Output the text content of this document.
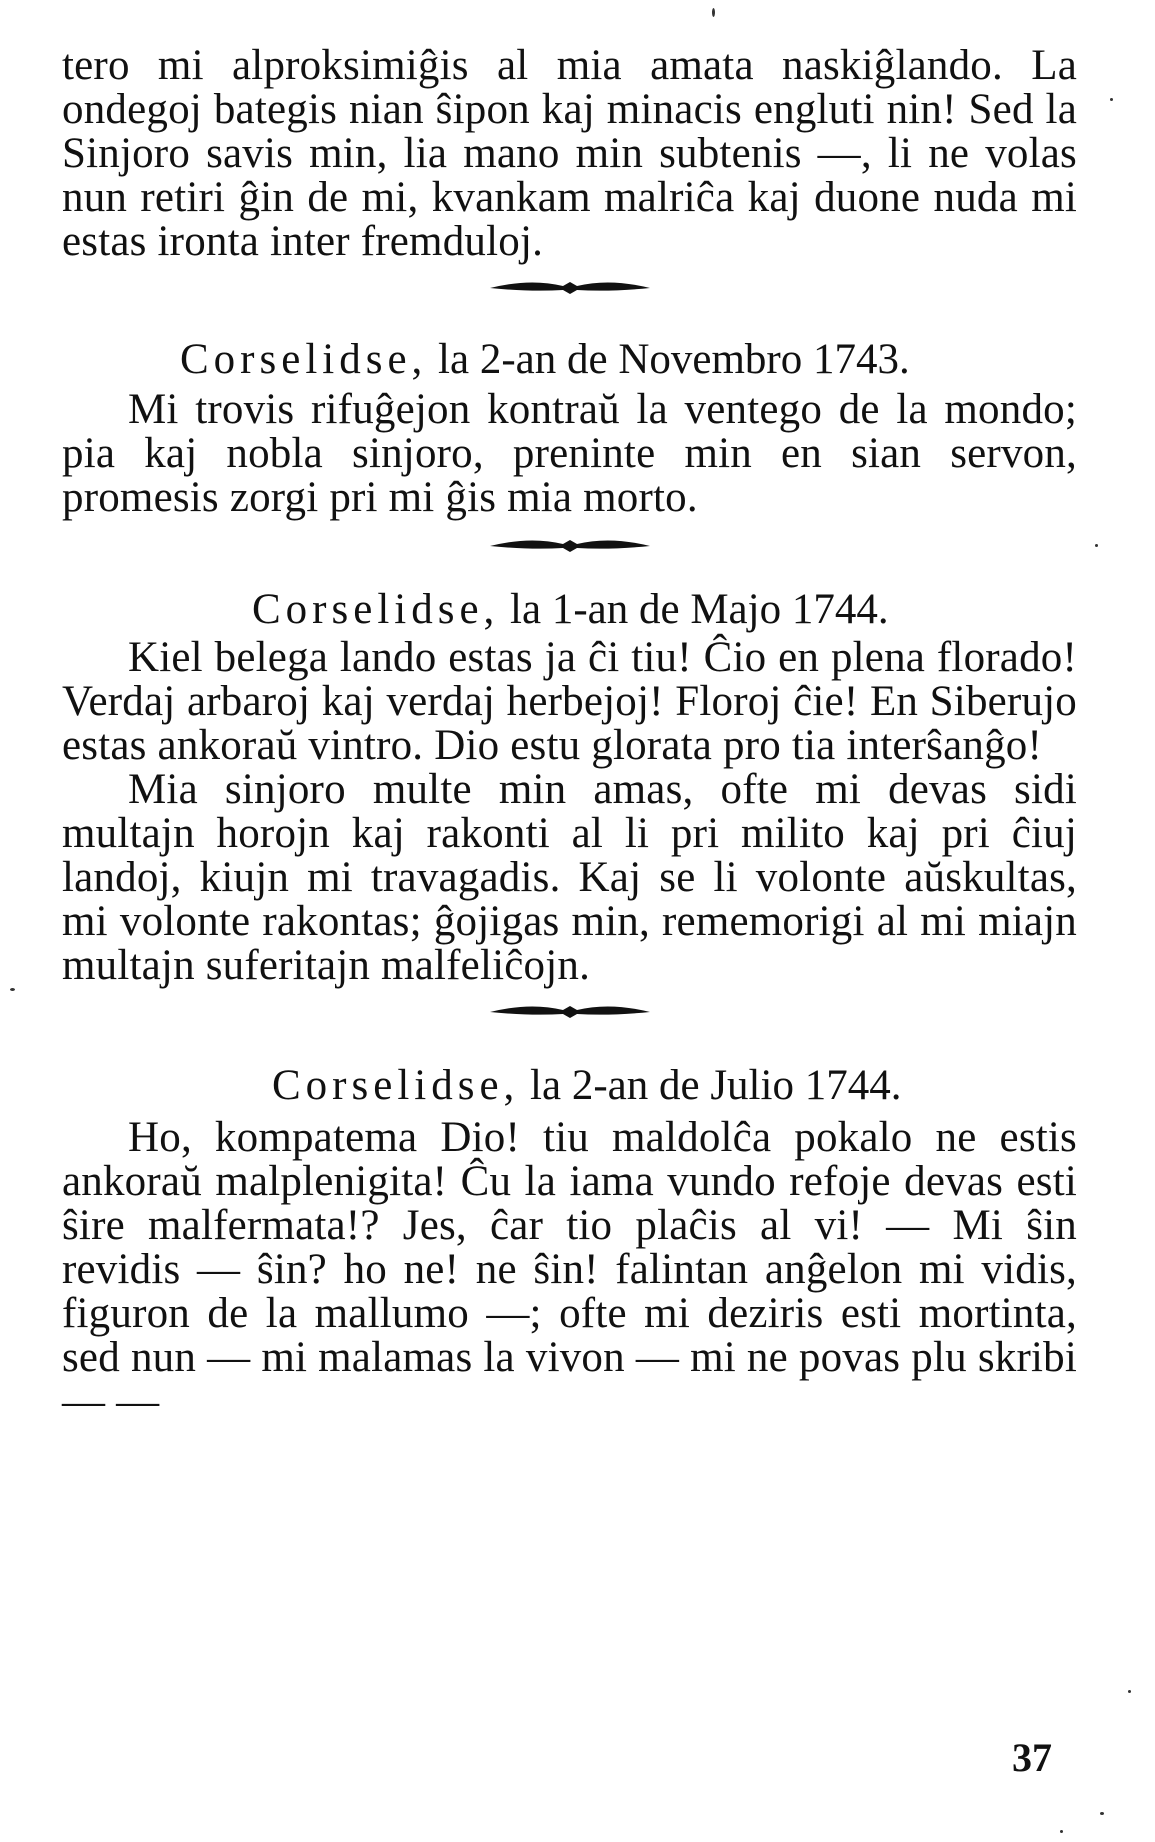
tero mi alproksimiĝis al mia amata naskiĝlando. La ondegoj bategis nian ŝipon kaj minacis engluti nin! Sed la Sinjoro savis min, lia mano min subtenis —, li ne volas nun retiri ĝin de mi, kvankam malriĉa kaj duone nuda mi estas ironta inter fremduloj.

Corselidse, la 2-an de Novembro 1743.

Mi trovis rifuĝejon kontraŭ la ventego de la mondo; pia kaj nobla sinjoro, preninte min en sian servon, promesis zorgi pri mi ĝis mia morto.

Corselidse, la 1-an de Majo 1744.

Kiel belega lando estas ja ĉi tiu! Ĉio en plena florado! Verdaj arbaroj kaj verdaj herbejoj! Floroj ĉie! En Siberujo estas ankoraŭ vintro. Dio estu glorata pro tia interŝanĝo!

Mia sinjoro multe min amas, ofte mi devas sidi multajn horojn kaj rakonti al li pri milito kaj pri ĉiuj landoj, kiujn mi travagadis. Kaj se li volonte aŭskultas, mi volonte rakontas; ĝojigas min, rememorigi al mi miajn multajn suferitajn malfeliĉojn.

Corselidse, la 2-an de Julio 1744.

Ho, kompatema Dio! tiu maldolĉa pokalo ne estis ankoraŭ malplenigita! Ĉu la iama vundo refoje devas esti ŝire malfermata!? Jes, ĉar tio plaĉis al vi! — Mi ŝin revidis — ŝin? ho ne! ne ŝin! falintan anĝelon mi vidis, figuron de la mallumo —; ofte mi deziris esti mortinta, sed nun — mi malamas la vivon — mi ne povas plu skribi — —

37
